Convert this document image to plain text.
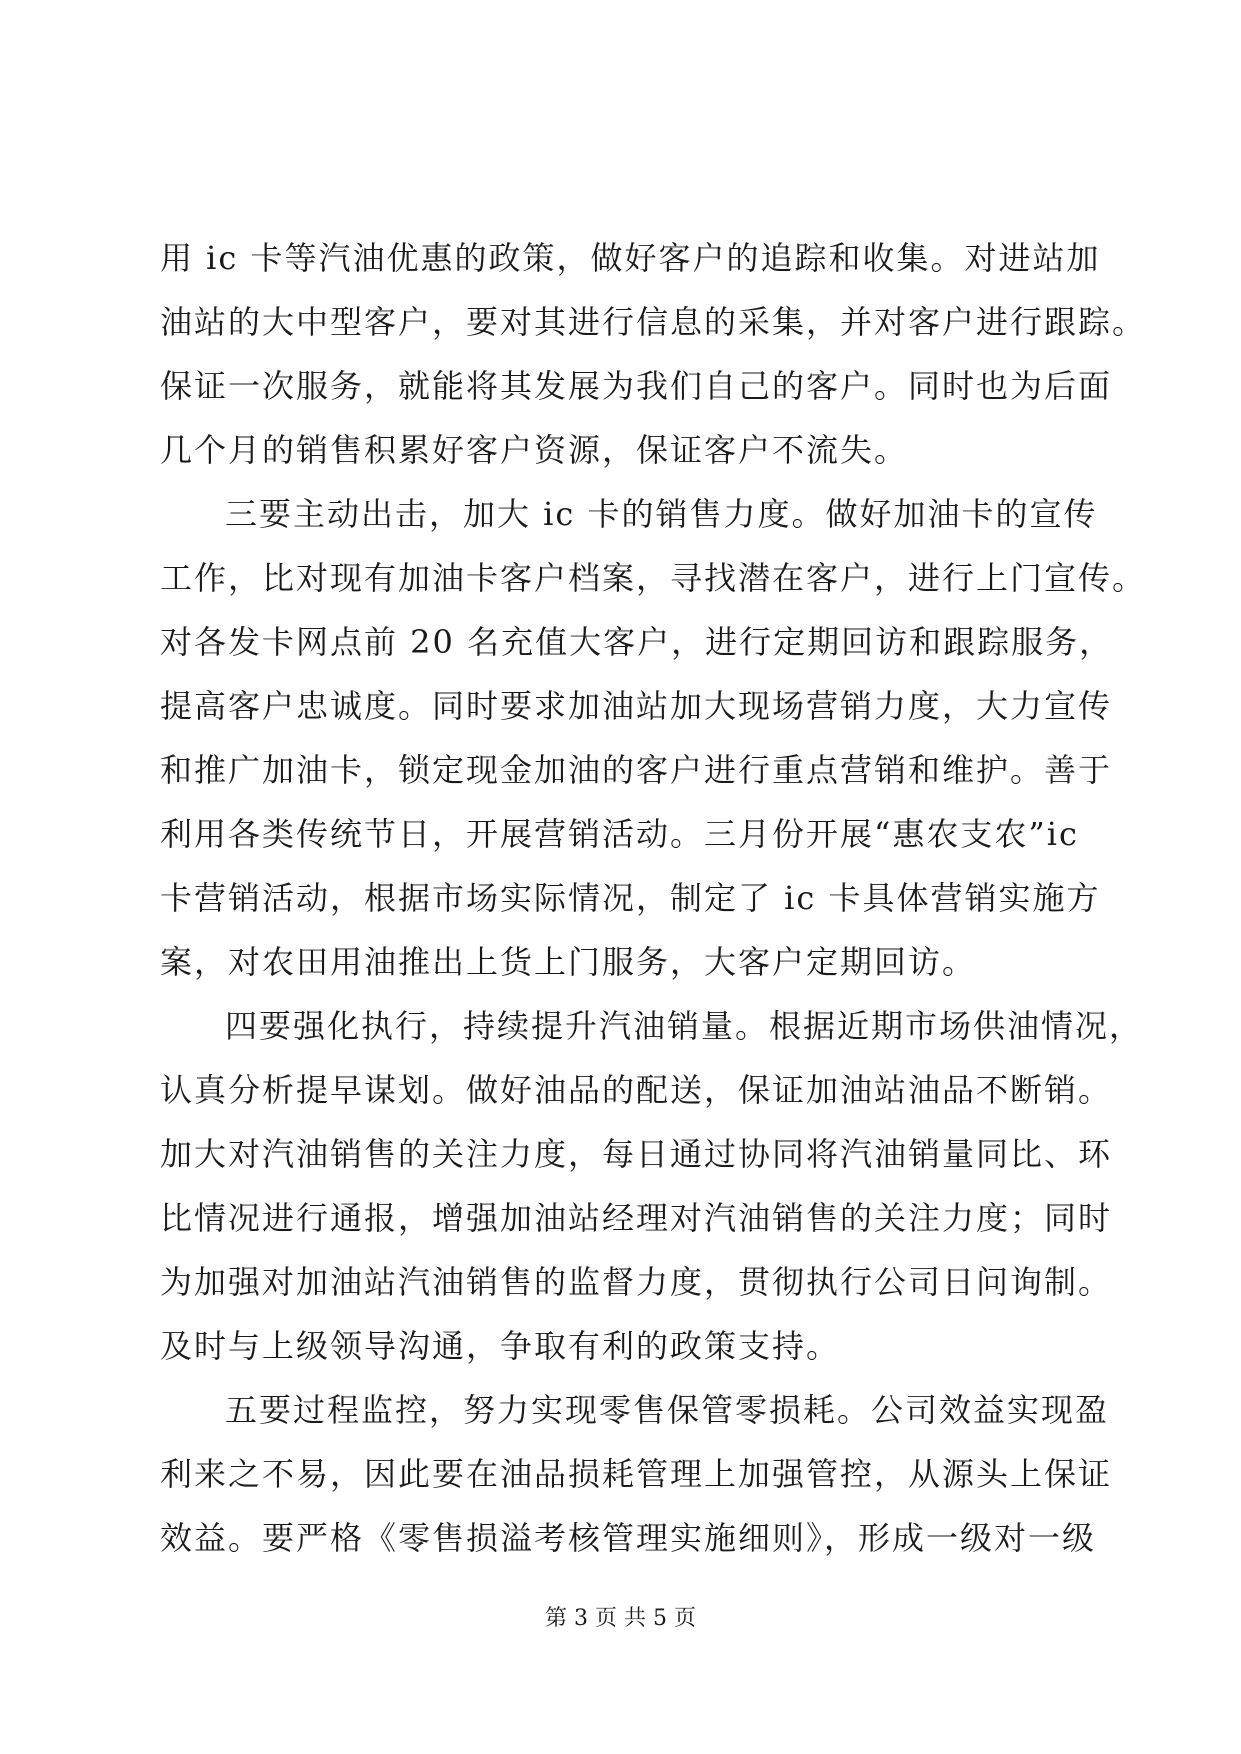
用 ic 卡等汽油优惠的政策，做好客户的追踪和收集。对进站加
油站的大中型客户，要对其进行信息的采集，并对客户进行跟踪。
保证一次服务，就能将其发展为我们自己的客户。同时也为后面
几个月的销售积累好客户资源，保证客户不流失。
三要主动出击，加大 ic 卡的销售力度。做好加油卡的宣传
工作，比对现有加油卡客户档案，寻找潜在客户，进行上门宣传。
对各发卡网点前 20 名充值大客户，进行定期回访和跟踪服务，
提高客户忠诚度。同时要求加油站加大现场营销力度，大力宣传
和推广加油卡，锁定现金加油的客户进行重点营销和维护。善于
利用各类传统节日，开展营销活动。三月份开展“惠农支农”ic
卡营销活动，根据市场实际情况，制定了 ic 卡具体营销实施方
案，对农田用油推出上货上门服务，大客户定期回访。
四要强化执行，持续提升汽油销量。根据近期市场供油情况，
认真分析提早谋划。做好油品的配送，保证加油站油品不断销。
加大对汽油销售的关注力度，每日通过协同将汽油销量同比、环
比情况进行通报，增强加油站经理对汽油销售的关注力度；同时
为加强对加油站汽油销售的监督力度，贯彻执行公司日问询制。
及时与上级领导沟通，争取有利的政策支持。
五要过程监控，努力实现零售保管零损耗。公司效益实现盈
利来之不易，因此要在油品损耗管理上加强管控，从源头上保证
效益。要严格《零售损溢考核管理实施细则》，形成一级对一级
第 3 页 共 5 页
